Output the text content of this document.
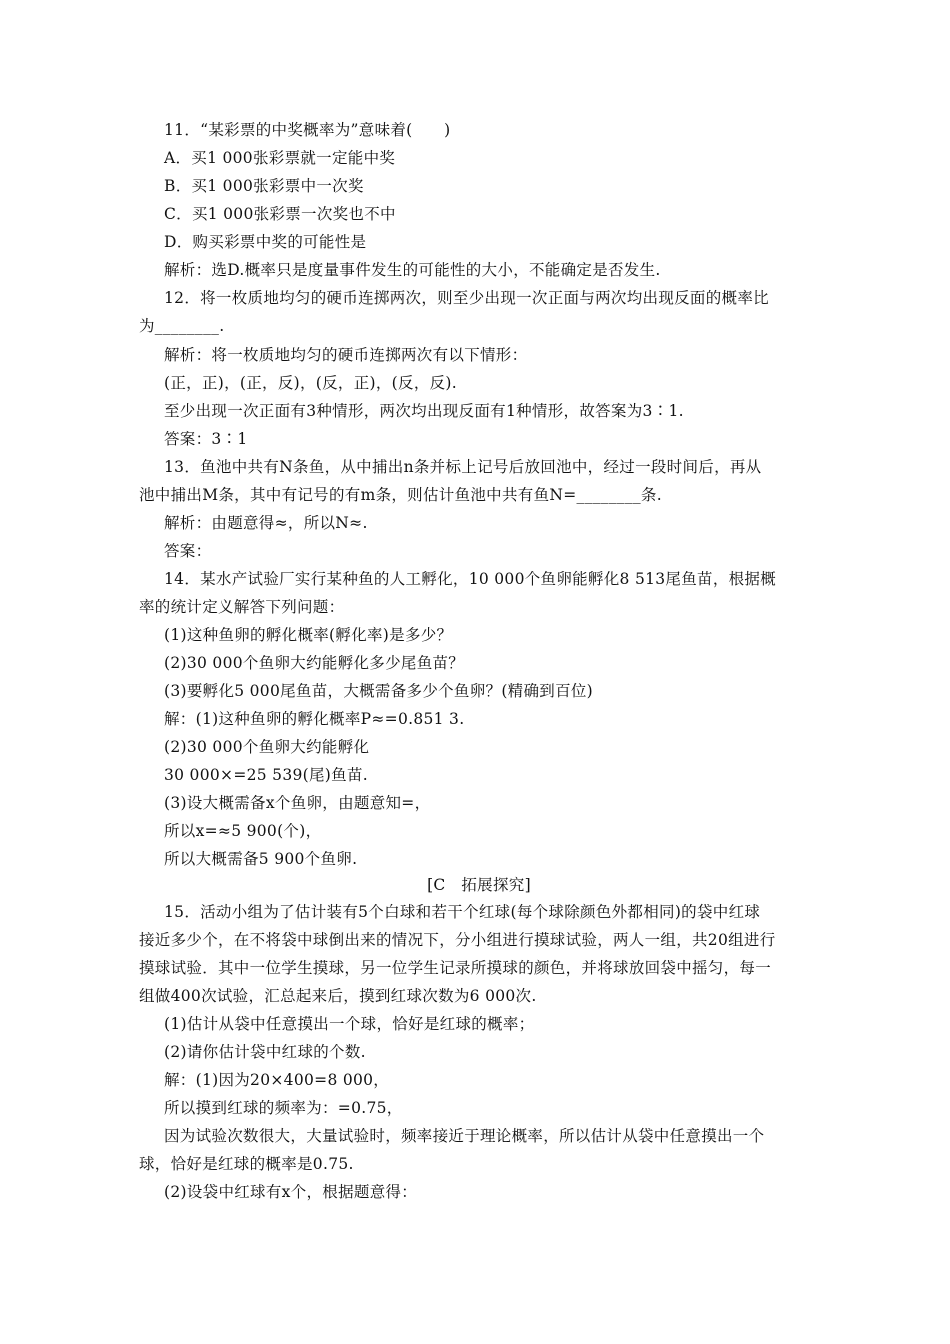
11．“某彩票的中奖概率为”意味着(　　)
A．买1 000张彩票就一定能中奖
B．买1 000张彩票中一次奖
C．买1 000张彩票一次奖也不中
D．购买彩票中奖的可能性是
解析：选D.概率只是度量事件发生的可能性的大小，不能确定是否发生.
12．将一枚质地均匀的硬币连掷两次，则至少出现一次正面与两次均出现反面的概率比
为________.
解析：将一枚质地均匀的硬币连掷两次有以下情形：
(正，正)，(正，反)，(反，正)，(反，反).
至少出现一次正面有3种情形，两次均出现反面有1种情形，故答案为3∶1.
答案：3∶1
13．鱼池中共有N条鱼，从中捕出n条并标上记号后放回池中，经过一段时间后，再从
池中捕出M条，其中有记号的有m条，则估计鱼池中共有鱼N=________条.
解析：由题意得≈，所以N≈.
答案：
14．某水产试验厂实行某种鱼的人工孵化，10 000个鱼卵能孵化8 513尾鱼苗，根据概
率的统计定义解答下列问题：
(1)这种鱼卵的孵化概率(孵化率)是多少？
(2)30 000个鱼卵大约能孵化多少尾鱼苗？
(3)要孵化5 000尾鱼苗，大概需备多少个鱼卵？(精确到百位)
解：(1)这种鱼卵的孵化概率P≈=0.851 3.
(2)30 000个鱼卵大约能孵化
30 000×=25 539(尾)鱼苗.
(3)设大概需备x个鱼卵，由题意知=，
所以x=≈5 900(个)，
所以大概需备5 900个鱼卵.
[C　拓展探究]
15．活动小组为了估计装有5个白球和若干个红球(每个球除颜色外都相同)的袋中红球
接近多少个，在不将袋中球倒出来的情况下，分小组进行摸球试验，两人一组，共20组进行
摸球试验．其中一位学生摸球，另一位学生记录所摸球的颜色，并将球放回袋中摇匀，每一
组做400次试验，汇总起来后，摸到红球次数为6 000次.
(1)估计从袋中任意摸出一个球，恰好是红球的概率；
(2)请你估计袋中红球的个数.
解：(1)因为20×400=8 000，
所以摸到红球的频率为：=0.75，
因为试验次数很大，大量试验时，频率接近于理论概率，所以估计从袋中任意摸出一个
球，恰好是红球的概率是0.75.
(2)设袋中红球有x个，根据题意得：
